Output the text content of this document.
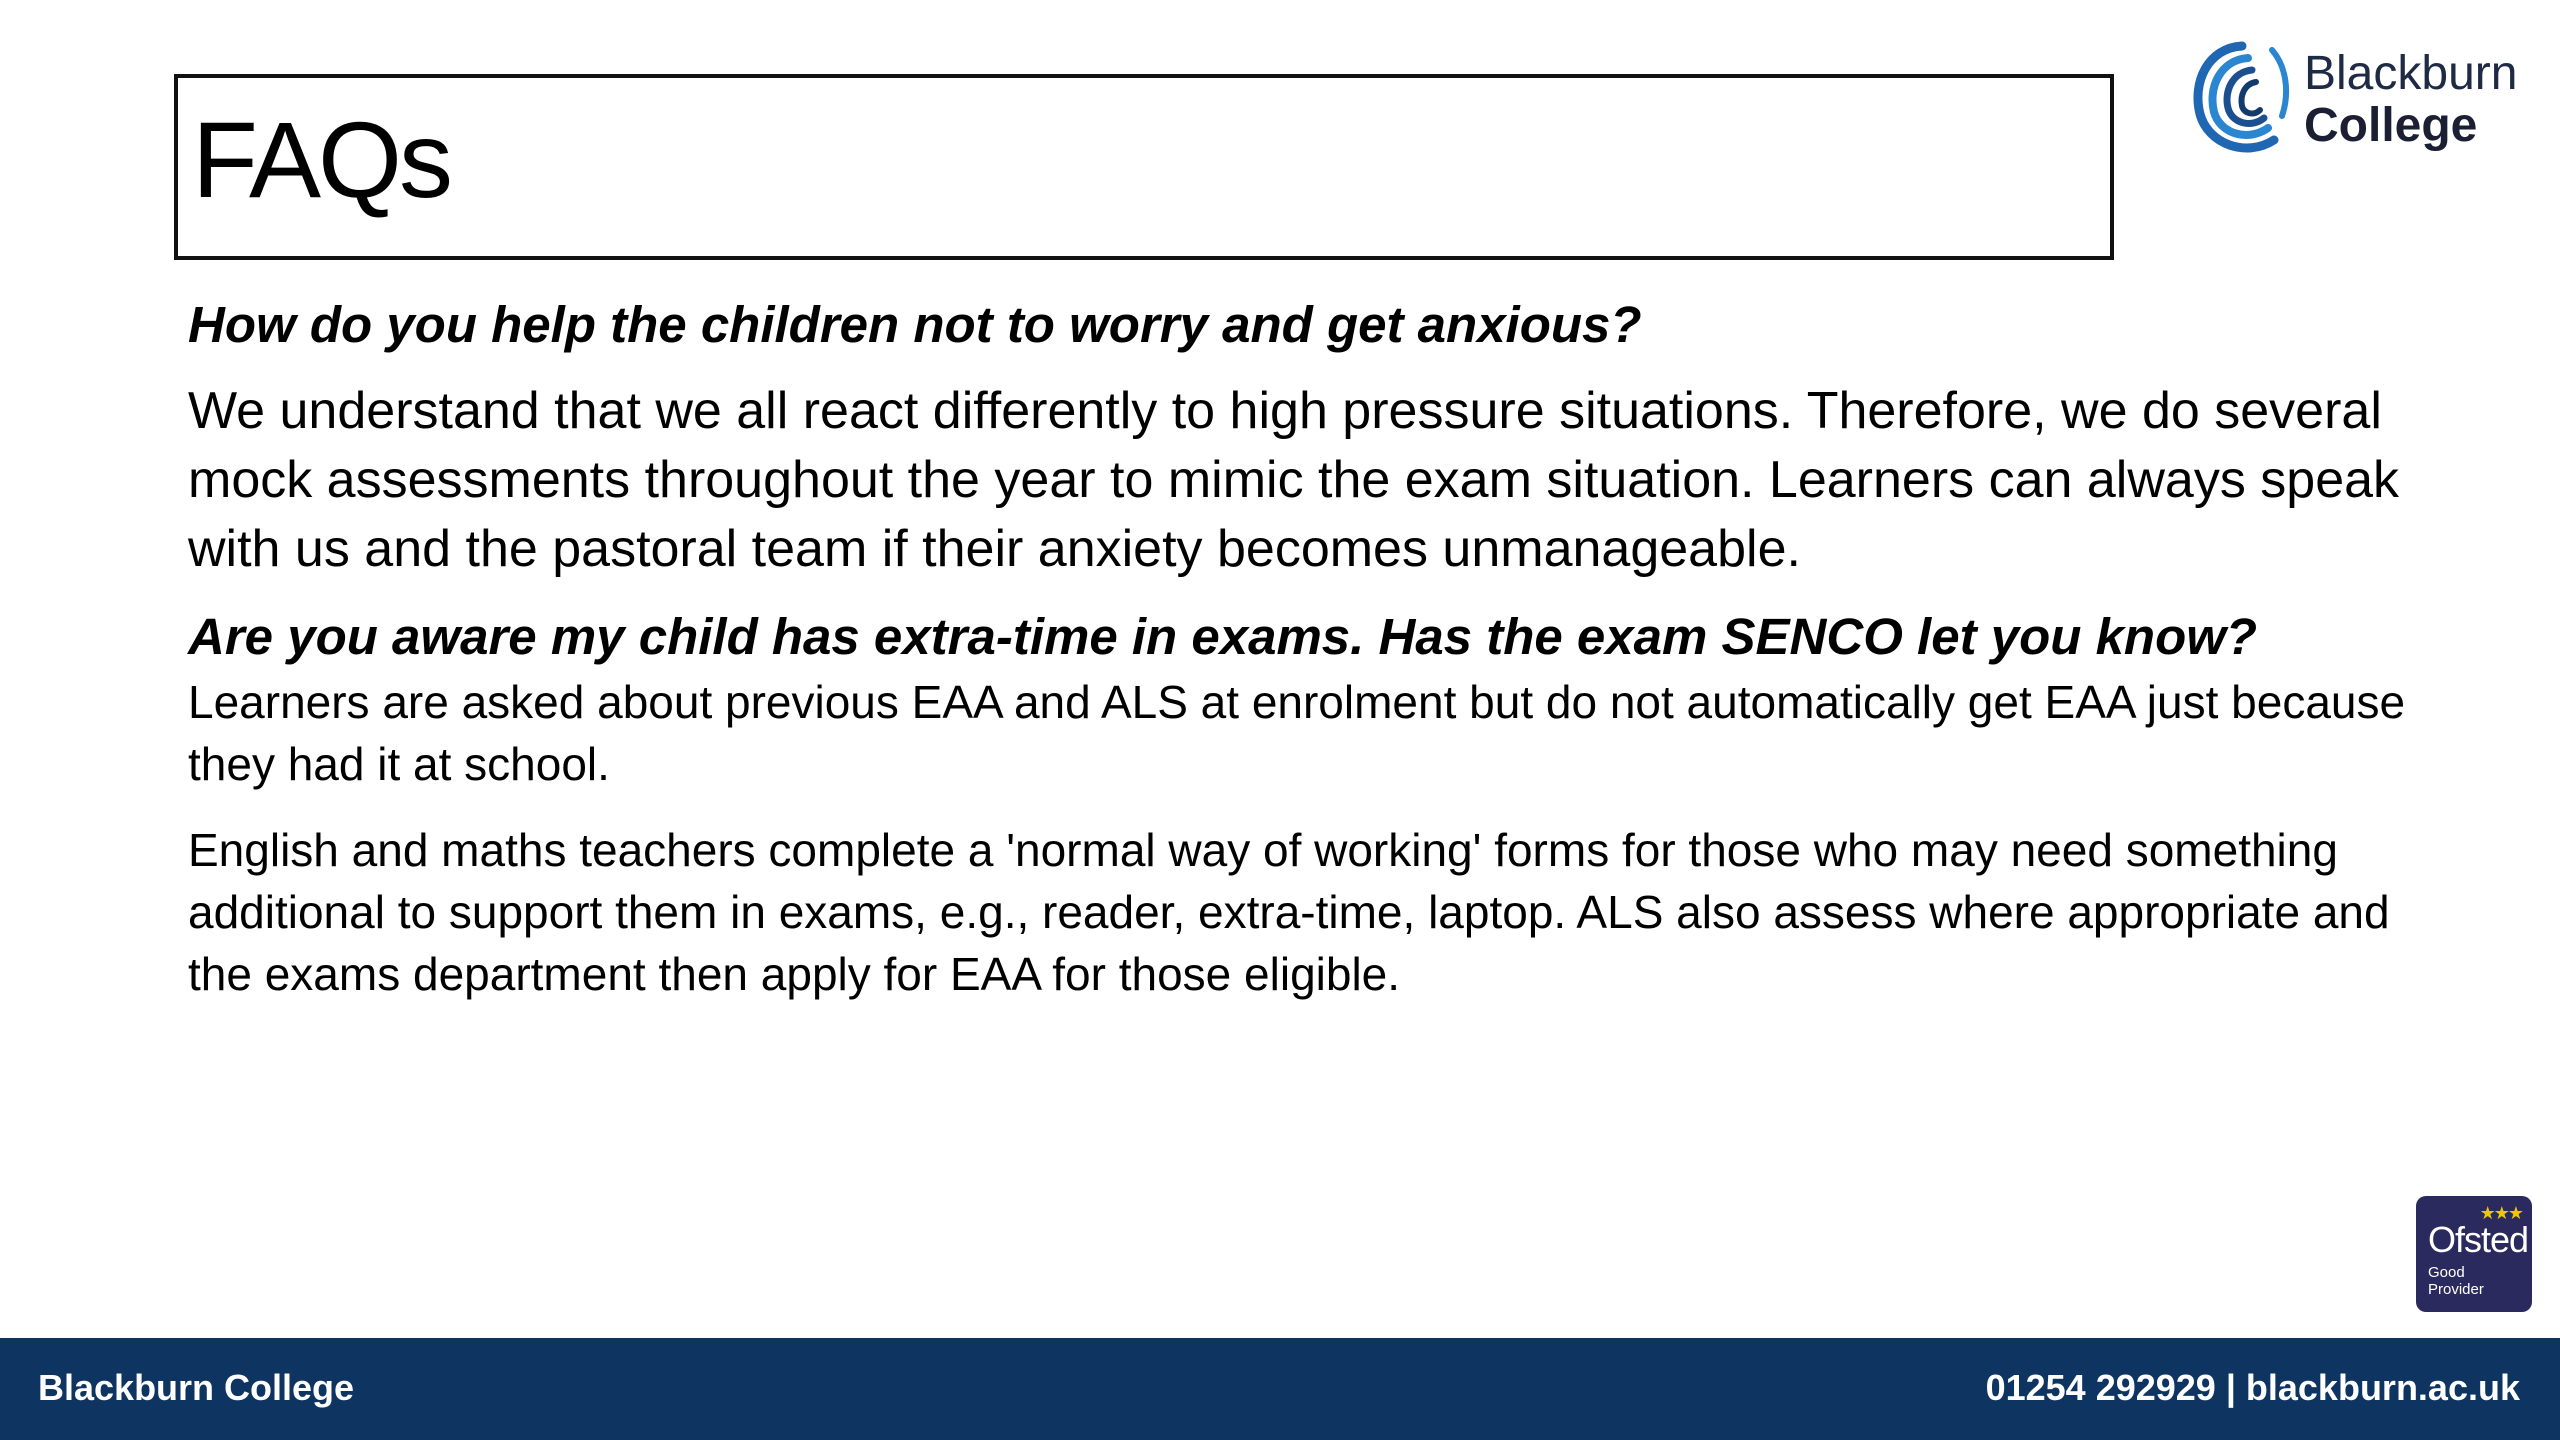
FAQs
Blackburn
College

How do you help the children not to worry and get anxious?

We understand that we all react differently to high pressure situations. Therefore, we do several mock assessments throughout the year to mimic the exam situation. Learners can always speak with us and the pastoral team if their anxiety becomes unmanageable.

Are you aware my child has extra-time in exams. Has the exam SENCO let you know?

Learners are asked about previous EAA and ALS at enrolment but do not automatically get EAA just because they had it at school.

English and maths teachers complete a 'normal way of working' forms for those who may need something additional to support them in exams, e.g., reader, extra-time, laptop. ALS also assess where appropriate and the exams department then apply for EAA for those eligible.

★★★
Ofsted
Good
Provider
Blackburn College	01254 292929 | blackburn.ac.uk
